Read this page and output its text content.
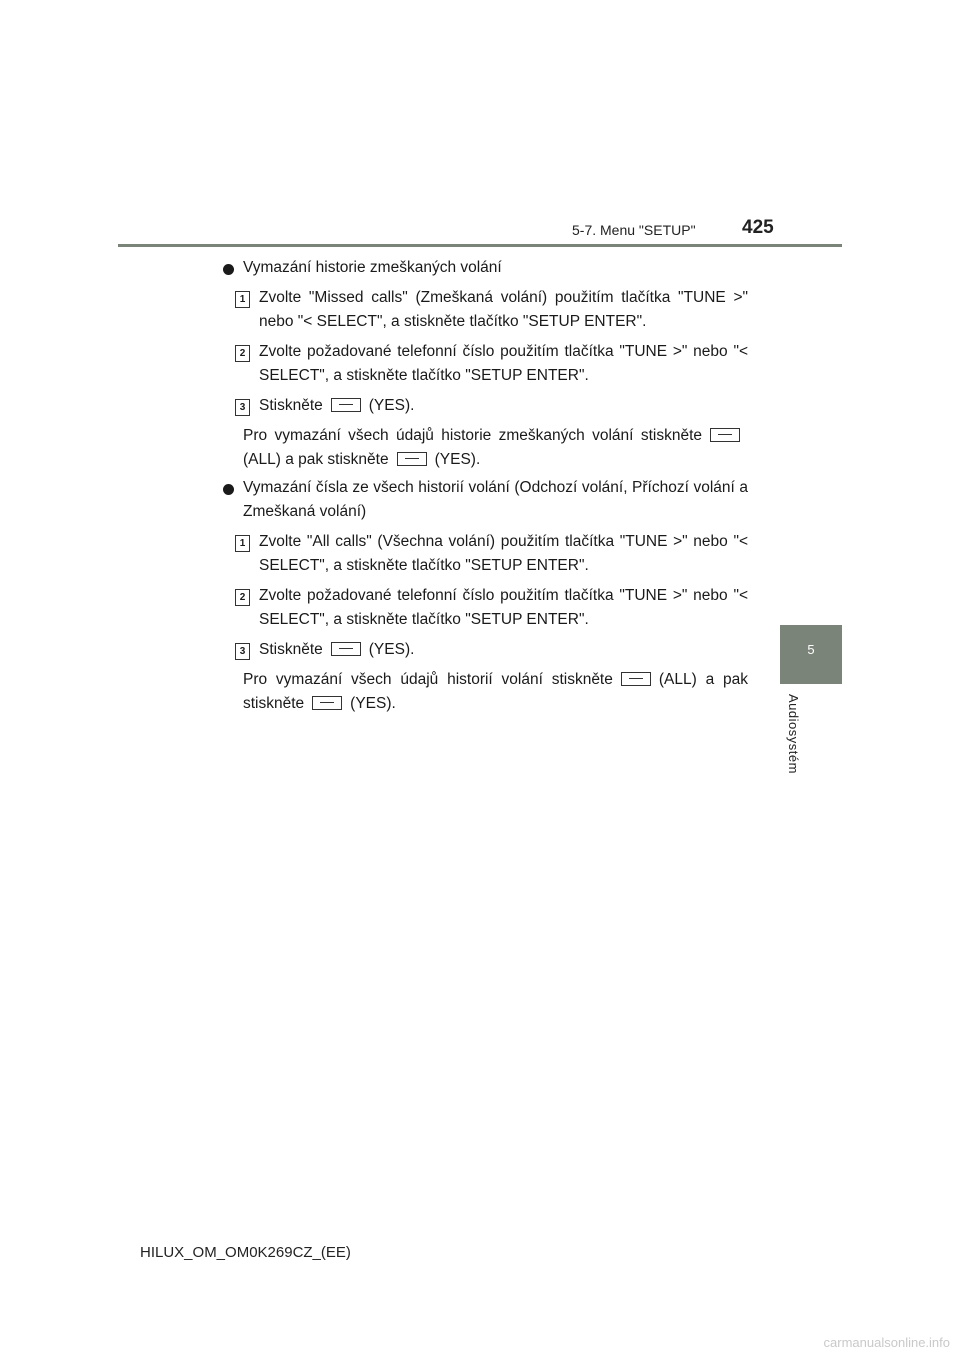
5-7. Menu "SETUP" 425
5
Audiosystém
Vymazání historie zmeškaných volání
1 Zvolte "Missed calls" (Zmeškaná volání) použitím tlačítka "TUNE >" nebo "< SELECT", a stiskněte tlačítko "SETUP ENTER".
2 Zvolte požadované telefonní číslo použitím tlačítka "TUNE >" nebo "< SELECT", a stiskněte tlačítko "SETUP ENTER".
3 Stiskněte	(YES).
Pro vymazání všech údajů historie zmeškaných volání stiskněte(ALL) a pak stiskněte	(YES).
Vymazání čísla ze všech historií volání (Odchozí volání, Příchozí volání a Zmeškaná volání)
1 Zvolte "All calls" (Všechna volání) použitím tlačítka "TUNE >" nebo "< SELECT", a stiskněte tlačítko "SETUP ENTER".
2 Zvolte požadované telefonní číslo použitím tlačítka "TUNE >" nebo "< SELECT", a stiskněte tlačítko "SETUP ENTER".
3 Stiskněte	(YES).
Pro vymazání všech údajů historií volání stiskněte	(ALL) a pak stiskněte	(YES).
HILUX_OM_OM0K269CZ_(EE)
carmanualsonline.info
